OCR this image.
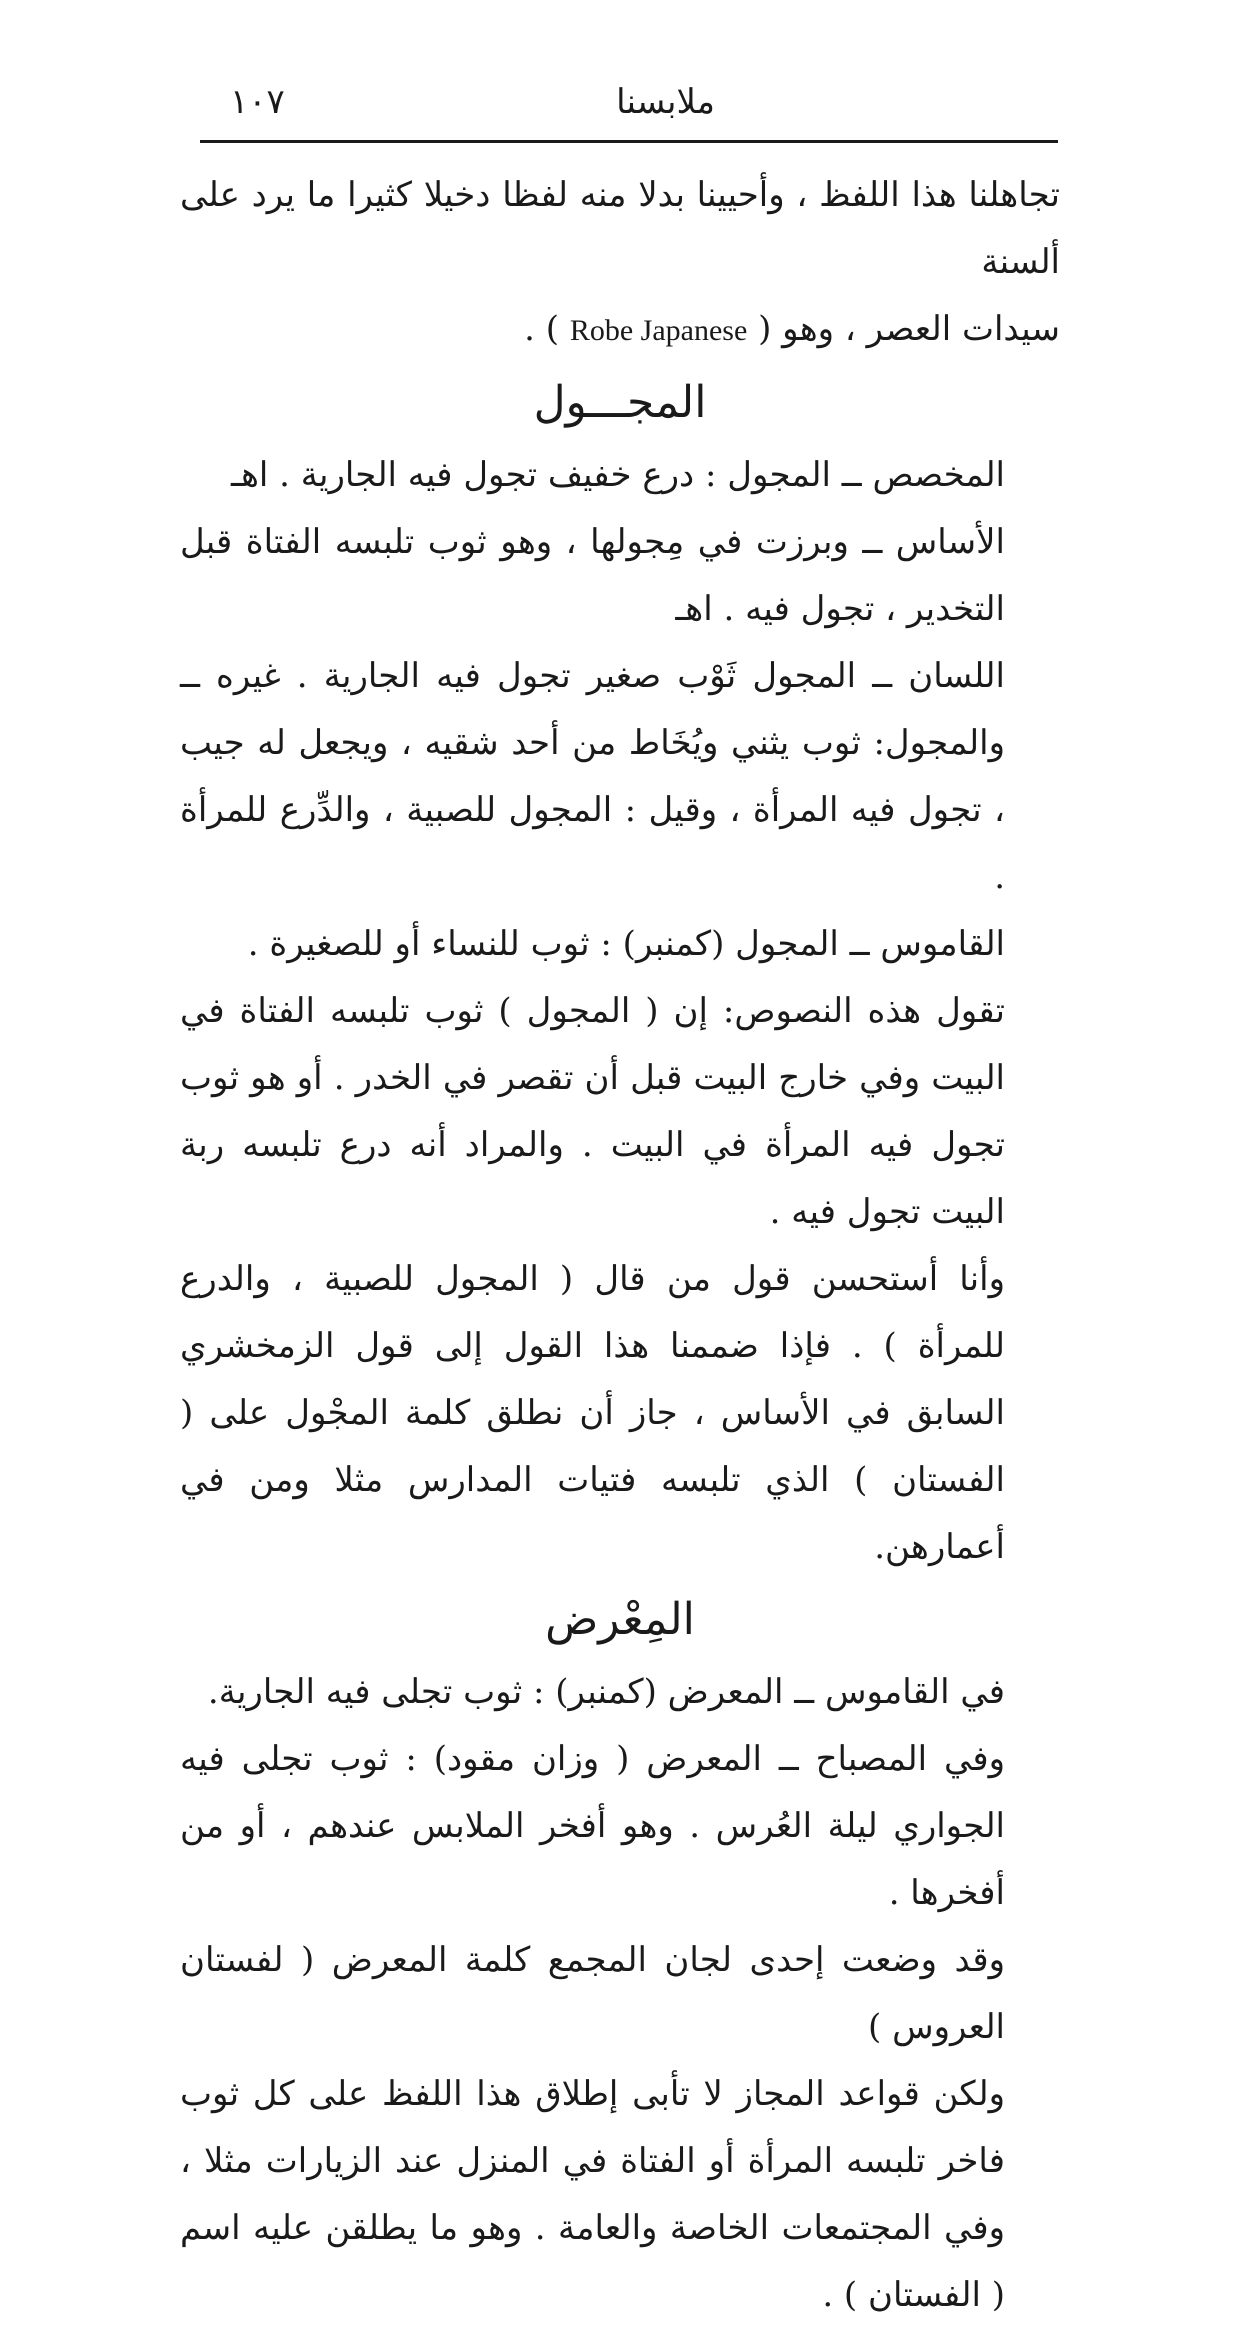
ملابسنا
١٠٧

تجاهلنا هذا اللفظ ، وأحيينا بدلا منه لفظا دخيلا كثيرا ما يرد على ألسنة

سيدات العصر ، وهو ( Robe Japanese ) .

المجـــول

المخصص ــ المجول : درع خفيف تجول فيه الجارية . اهـ

الأساس ــ وبرزت في مِجولها ، وهو ثوب تلبسه الفتاة قبل التخدير ، تجول فيه . اهـ

اللسان ــ المجول ثَوْب صغير تجول فيه الجارية . غيره ــ والمجول: ثوب يثني ويُخَاط من أحد شقيه ، ويجعل له جيب ، تجول فيه المرأة ، وقيل : المجول للصبية ، والدِّرع للمرأة .

القاموس ــ المجول (كمنبر) : ثوب للنساء أو للصغيرة .

تقول هذه النصوص: إن ( المجول ) ثوب تلبسه الفتاة في البيت وفي خارج البيت قبل أن تقصر في الخدر . أو هو ثوب تجول فيه المرأة في البيت . والمراد أنه درع تلبسه ربة البيت تجول فيه .

وأنا أستحسن قول من قال ( المجول للصبية ، والدرع للمرأة ) . فإذا ضممنا هذا القول إلى قول الزمخشري السابق في الأساس ، جاز أن نطلق كلمة المجْول على ( الفستان ) الذي تلبسه فتيات المدارس مثلا ومن في أعمارهن.

المِعْرض

في القاموس ــ المعرض (كمنبر) : ثوب تجلى فيه الجارية.

وفي المصباح ــ المعرض ( وزان مقود) : ثوب تجلى فيه الجواري ليلة العُرس . وهو أفخر الملابس عندهم ، أو من أفخرها .

وقد وضعت إحدى لجان المجمع كلمة المعرض ( لفستان العروس )

ولكن قواعد المجاز لا تأبى إطلاق هذا اللفظ على كل ثوب فاخر تلبسه المرأة أو الفتاة في المنزل عند الزيارات مثلا ، وفي المجتمعات الخاصة والعامة . وهو ما يطلقن عليه اسم ( الفستان ) .
